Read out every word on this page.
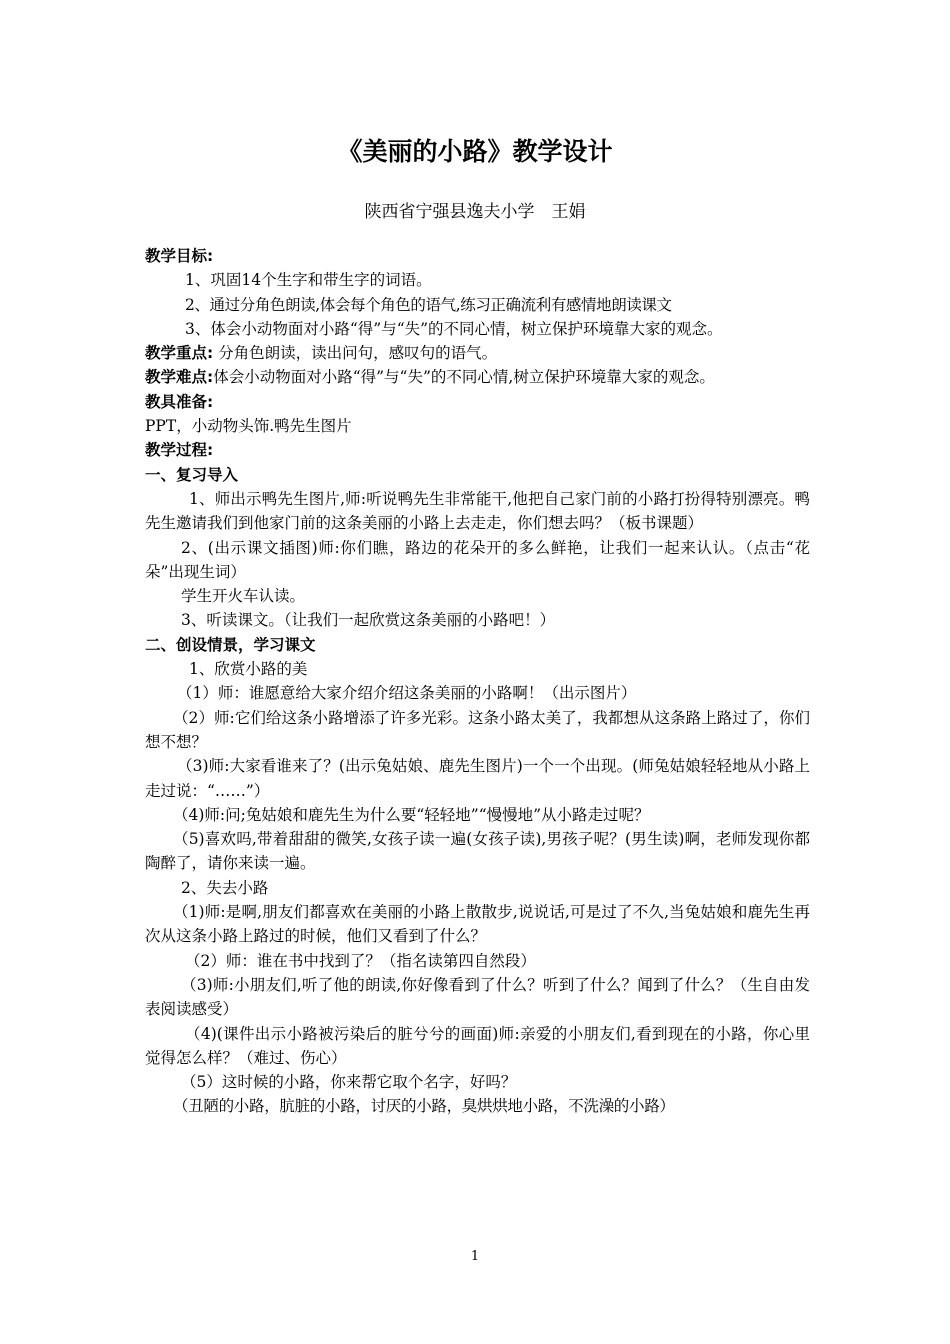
《美丽的小路》教学设计
陕西省宁强县逸夫小学　王娟

教学目标:

1、巩固14个生字和带生字的词语。

2、通过分角色朗读,体会每个角色的语气,练习正确流利有感情地朗读课文

3、体会小动物面对小路“得”与“失”的不同心情，树立保护环境靠大家的观念。

教学重点: 分角色朗读，读出问句，感叹句的语气。

教学难点:体会小动物面对小路“得”与“失”的不同心情,树立保护环境靠大家的观念。

教具准备:

PPT，小动物头饰.鸭先生图片

教学过程:

一、复习导入

1、师出示鸭先生图片,师:听说鸭先生非常能干,他把自己家门前的小路打扮得特别漂亮。鸭先生邀请我们到他家门前的这条美丽的小路上去走走，你们想去吗？（板书课题）

2、(出示课文插图)师:你们瞧，路边的花朵开的多么鲜艳，让我们一起来认认。（点击“花朵”出现生词）

学生开火车认读。

3、听读课文。（让我们一起欣赏这条美丽的小路吧！）

二、创设情景，学习课文

1、欣赏小路的美

（1）师：谁愿意给大家介绍介绍这条美丽的小路啊！（出示图片）

（2）师:它们给这条小路增添了许多光彩。这条小路太美了，我都想从这条路上路过了，你们想不想？

（3)师:大家看谁来了？(出示兔姑娘、鹿先生图片)一个一个出现。(师兔姑娘轻轻地从小路上走过说：“……”）

（4)师:问;兔姑娘和鹿先生为什么要“轻轻地”“慢慢地”从小路走过呢？

（5)喜欢吗,带着甜甜的微笑,女孩子读一遍(女孩子读),男孩子呢？(男生读)啊，老师发现你都陶醉了，请你来读一遍。

2、失去小路

（1)师:是啊,朋友们都喜欢在美丽的小路上散散步,说说话,可是过了不久,当兔姑娘和鹿先生再次从这条小路上路过的时候，他们又看到了什么？

（2）师：谁在书中找到了？（指名读第四自然段）

（3)师:小朋友们,听了他的朗读,你好像看到了什么？听到了什么？闻到了什么？（生自由发表阅读感受）

（4)(课件出示小路被污染后的脏兮兮的画面)师:亲爱的小朋友们,看到现在的小路，你心里觉得怎么样？（难过、伤心）

（5）这时候的小路，你来帮它取个名字，好吗？

（丑陋的小路，肮脏的小路，讨厌的小路，臭烘烘地小路，不洗澡的小路）

1
